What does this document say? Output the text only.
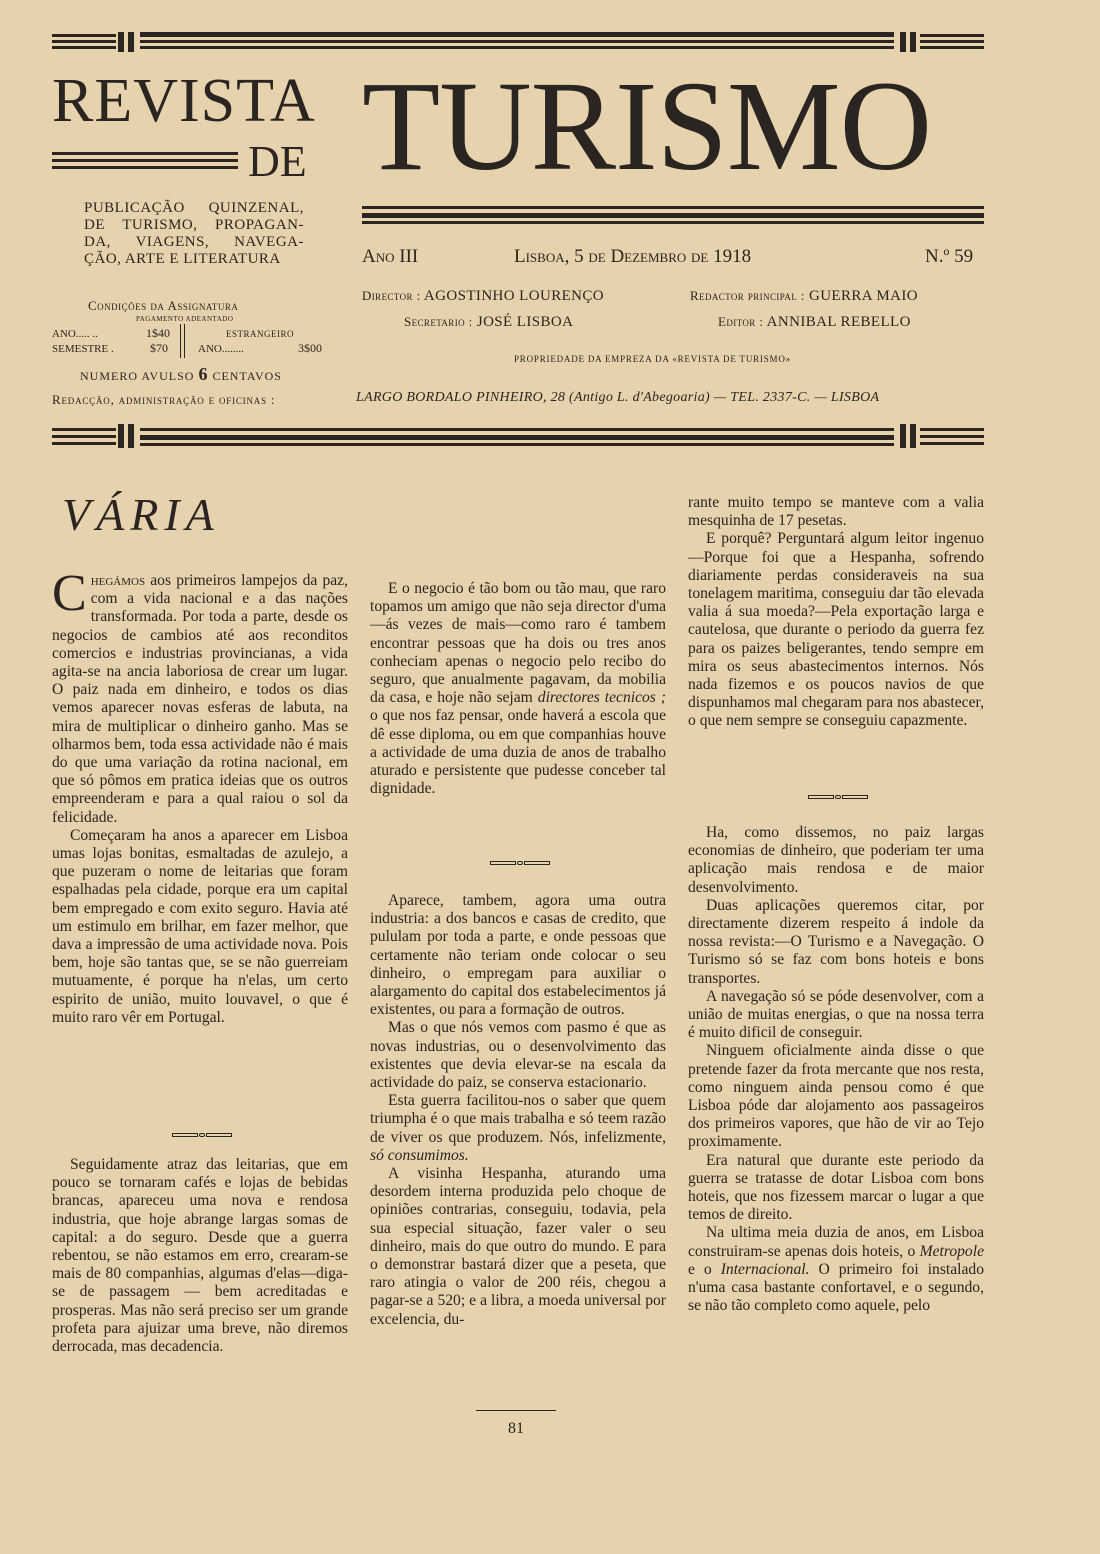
REVISTA
DE TURISMO
PUBLICAÇÃO QUINZENAL,
DE TURISMO, PROPAGAN-
DA, VIAGENS, NAVEGA-
ÇÃO, ARTE E LITERATURA
Condições da Assignatura
PAGAMENTO ADEANTADO
ANO..... ..	1$40
SEMESTRE .	$70
ESTRANGEIRO
ANO........	3$00
NUMERO AVULSO 6 CENTAVOS
Ano III	Lisboa, 5 de Dezembro de 1918	N.º 59
Director : AGOSTINHO LOURENÇO	Redactor principal : GUERRA MAIO
Secretario : JOSÉ LISBOA	Editor : ANNIBAL REBELLO
PROPRIEDADE DA EMPREZA DA «REVISTA DE TURISMO»
Redacção, administração e oficinas :	LARGO BORDALO PINHEIRO, 28 (Antigo L. d'Abegoaria) — TEL. 2337-C. — LISBOA
VÁRIA

Chegámos aos primeiros lampejos da paz, com a vida nacional e a das nações transformada. Por toda a parte, desde os negocios de cambios até aos reconditos comercios e industrias provincianas, a vida agita-se na ancia laboriosa de crear um lugar. O paiz nada em dinheiro, e todos os dias vemos aparecer novas esferas de labuta, na mira de multiplicar o dinheiro ganho. Mas se olharmos bem, toda essa actividade não é mais do que uma variação da rotina nacional, em que só pômos em pratica ideias que os outros empreenderam e para a qual raiou o sol da felicidade.

Começaram ha anos a aparecer em Lisboa umas lojas bonitas, esmaltadas de azulejo, a que puzeram o nome de leitarias que foram espalhadas pela cidade, porque era um capital bem empregado e com exito seguro. Havia até um estimulo em brilhar, em fazer melhor, que dava a impressão de uma actividade nova. Pois bem, hoje são tantas que, se se não guerreiam mutuamente, é porque ha n'elas, um certo espirito de união, muito louvavel, o que é muito raro vêr em Portugal.

Seguidamente atraz das leitarias, que em pouco se tornaram cafés e lojas de bebidas brancas, apareceu uma nova e rendosa industria, que hoje abrange largas somas de capital: a do seguro. Desde que a guerra rebentou, se não estamos em erro, crearam-se mais de 80 companhias, algumas d'elas—diga-se de passagem — bem acreditadas e prosperas. Mas não será preciso ser um grande profeta para ajuizar uma breve, não diremos derrocada, mas decadencia.

E o negocio é tão bom ou tão mau, que raro topamos um amigo que não seja director d'uma—ás vezes de mais—como raro é tambem encontrar pessoas que ha dois ou tres anos conheciam apenas o negocio pelo recibo do seguro, que anualmente pagavam, da mobilia da casa, e hoje não sejam directores tecnicos ; o que nos faz pensar, onde haverá a escola que dê esse diploma, ou em que companhias houve a actividade de uma duzia de anos de trabalho aturado e persistente que pudesse conceber tal dignidade.

Aparece, tambem, agora uma outra industria: a dos bancos e casas de credito, que pululam por toda a parte, e onde pessoas que certamente não teriam onde colocar o seu dinheiro, o empregam para auxiliar o alargamento do capital dos estabelecimentos já existentes, ou para a formação de outros.

Mas o que nós vemos com pasmo é que as novas industrias, ou o desenvolvimento das existentes que devia elevar-se na escala da actividade do paiz, se conserva estacionario.

Esta guerra facilitou-nos o saber que quem triumpha é o que mais trabalha e só teem razão de viver os que produzem. Nós, infelizmente, só consumimos.

A visinha Hespanha, aturando uma desordem interna produzida pelo choque de opiniões contrarias, conseguiu, todavia, pela sua especial situação, fazer valer o seu dinheiro, mais do que outro do mundo. E para o demonstrar bastará dizer que a peseta, que raro atingia o valor de 200 réis, chegou a pagar-se a 520; e a libra, a moeda universal por excelencia, du-

rante muito tempo se manteve com a valia mesquinha de 17 pesetas.

E porquê? Perguntará algum leitor ingenuo—Porque foi que a Hespanha, sofrendo diariamente perdas consideraveis na sua tonelagem maritima, conseguiu dar tão elevada valia á sua moeda?—Pela exportação larga e cautelosa, que durante o periodo da guerra fez para os paizes beligerantes, tendo sempre em mira os seus abastecimentos internos. Nós nada fizemos e os poucos navios de que dispunhamos mal chegaram para nos abastecer, o que nem sempre se conseguiu capazmente.

Ha, como dissemos, no paiz largas economias de dinheiro, que poderiam ter uma aplicação mais rendosa e de maior desenvolvimento.

Duas aplicações queremos citar, por directamente dizerem respeito á indole da nossa revista:—O Turismo e a Navegação. O Turismo só se faz com bons hoteis e bons transportes.

A navegação só se póde desenvolver, com a união de muitas energias, o que na nossa terra é muito dificil de conseguir.

Ninguem oficialmente ainda disse o que pretende fazer da frota mercante que nos resta, como ninguem ainda pensou como é que Lisboa póde dar alojamento aos passageiros dos primeiros vapores, que hão de vir ao Tejo proximamente.

Era natural que durante este periodo da guerra se tratasse de dotar Lisboa com bons hoteis, que nos fizessem marcar o lugar a que temos de direito.

Na ultima meia duzia de anos, em Lisboa construiram-se apenas dois hoteis, o Metropole e o Internacional. O primeiro foi instalado n'uma casa bastante confortavel, e o segundo, se não tão completo como aquele, pelo

81
